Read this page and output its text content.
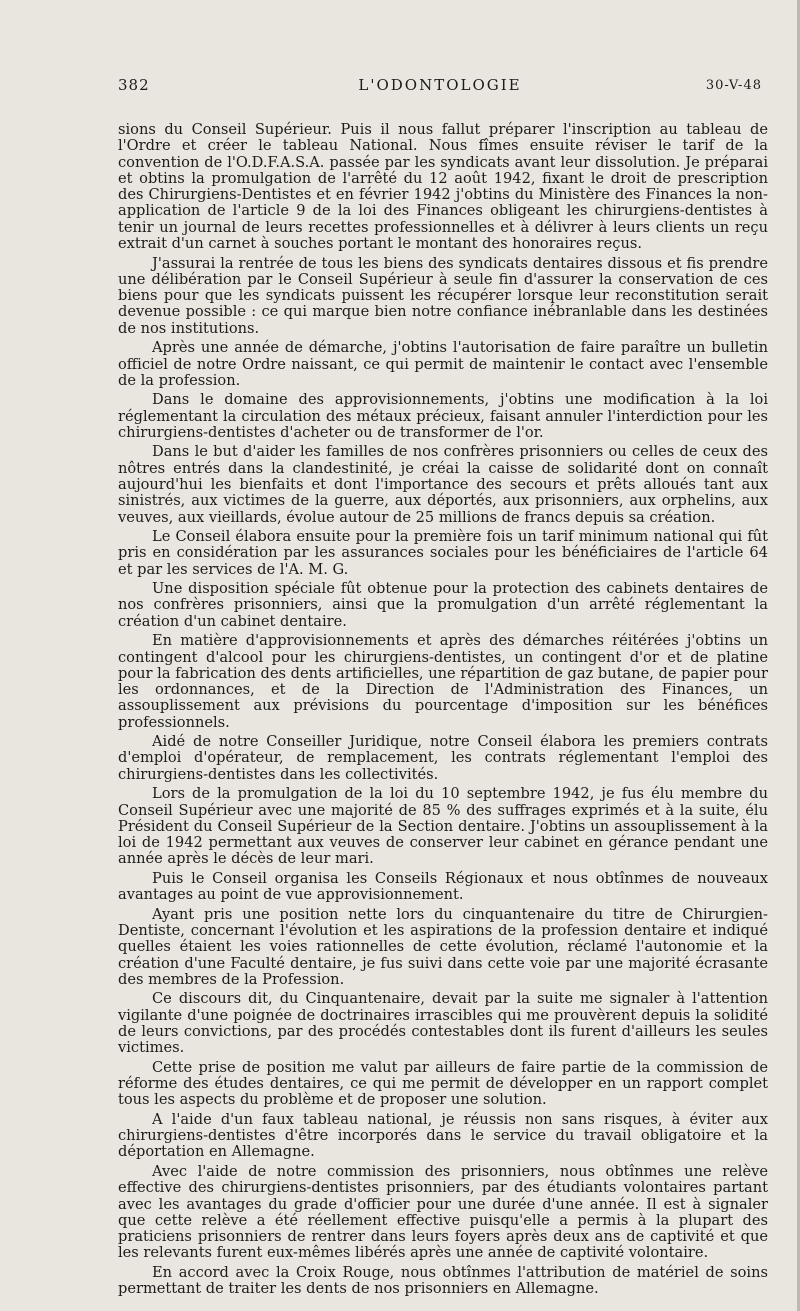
382	L'ODONTOLOGIE	30-V-48

sions du Conseil Supérieur. Puis il nous fallut préparer l'inscription au tableau de l'Ordre et créer le tableau National. Nous fîmes ensuite réviser le tarif de la convention de l'O.D.F.A.S.A. passée par les syndicats avant leur dissolution. Je préparai et obtins la promulgation de l'arrêté du 12 août 1942, fixant le droit de prescription des Chirurgiens-Dentistes et en février 1942 j'obtins du Ministère des Finances la non-application de l'article 9 de la loi des Finances obligeant les chirurgiens-dentistes à tenir un journal de leurs recettes professionnelles et à délivrer à leurs clients un reçu extrait d'un carnet à souches portant le montant des honoraires reçus.

J'assurai la rentrée de tous les biens des syndicats dentaires dissous et fis prendre une délibération par le Conseil Supérieur à seule fin d'assurer la conservation de ces biens pour que les syndicats puissent les récupérer lorsque leur reconstitution serait devenue possible : ce qui marque bien notre confiance inébranlable dans les destinées de nos institutions.

Après une année de démarche, j'obtins l'autorisation de faire paraître un bulletin officiel de notre Ordre naissant, ce qui permit de maintenir le contact avec l'ensemble de la profession.

Dans le domaine des approvisionnements, j'obtins une modification à la loi réglementant la circulation des métaux précieux, faisant annuler l'interdiction pour les chirurgiens-dentistes d'acheter ou de transformer de l'or.

Dans le but d'aider les familles de nos confrères prisonniers ou celles de ceux des nôtres entrés dans la clandestinité, je créai la caisse de solidarité dont on connaît aujourd'hui les bienfaits et dont l'importance des secours et prêts alloués tant aux sinistrés, aux victimes de la guerre, aux déportés, aux prisonniers, aux orphelins, aux veuves, aux vieillards, évolue autour de 25 millions de francs depuis sa création.

Le Conseil élabora ensuite pour la première fois un tarif minimum national qui fût pris en considération par les assurances sociales pour les bénéficiaires de l'article 64 et par les services de l'A. M. G.

Une disposition spéciale fût obtenue pour la protection des cabinets dentaires de nos confrères prisonniers, ainsi que la promulgation d'un arrêté réglementant la création d'un cabinet dentaire.

En matière d'approvisionnements et après des démarches réitérées j'obtins un contingent d'alcool pour les chirurgiens-dentistes, un contingent d'or et de platine pour la fabrication des dents artificielles, une répartition de gaz butane, de papier pour les ordonnances, et de la Direction de l'Administration des Finances, un assouplissement aux prévisions du pourcentage d'imposition sur les bénéfices professionnels.

Aidé de notre Conseiller Juridique, notre Conseil élabora les premiers contrats d'emploi d'opérateur, de remplacement, les contrats réglementant l'emploi des chirurgiens-dentistes dans les collectivités.

Lors de la promulgation de la loi du 10 septembre 1942, je fus élu membre du Conseil Supérieur avec une majorité de 85 % des suffrages exprimés et à la suite, élu Président du Conseil Supérieur de la Section dentaire. J'obtins un assouplissement à la loi de 1942 permettant aux veuves de conserver leur cabinet en gérance pendant une année après le décès de leur mari.

Puis le Conseil organisa les Conseils Régionaux et nous obtînmes de nouveaux avantages au point de vue approvisionnement.

Ayant pris une position nette lors du cinquantenaire du titre de Chirurgien-Dentiste, concernant l'évolution et les aspirations de la profession dentaire et indiqué quelles étaient les voies rationnelles de cette évolution, réclamé l'autonomie et la création d'une Faculté dentaire, je fus suivi dans cette voie par une majorité écrasante des membres de la Profession.

Ce discours dit, du Cinquantenaire, devait par la suite me signaler à l'attention vigilante d'une poignée de doctrinaires irrascibles qui me prouvèrent depuis la solidité de leurs convictions, par des procédés contestables dont ils furent d'ailleurs les seules victimes.

Cette prise de position me valut par ailleurs de faire partie de la commission de réforme des études dentaires, ce qui me permit de développer en un rapport complet tous les aspects du problème et de proposer une solution.

A l'aide d'un faux tableau national, je réussis non sans risques, à éviter aux chirurgiens-dentistes d'être incorporés dans le service du travail obligatoire et la déportation en Allemagne.

Avec l'aide de notre commission des prisonniers, nous obtînmes une relève effective des chirurgiens-dentistes prisonniers, par des étudiants volontaires partant avec les avantages du grade d'officier pour une durée d'une année. Il est à signaler que cette relève a été réellement effective puisqu'elle a permis à la plupart des praticiens prisonniers de rentrer dans leurs foyers après deux ans de captivité et que les relevants furent eux-mêmes libérés après une année de captivité volontaire.

En accord avec la Croix Rouge, nous obtînmes l'attribution de matériel de soins permettant de traiter les dents de nos prisonniers en Allemagne.
